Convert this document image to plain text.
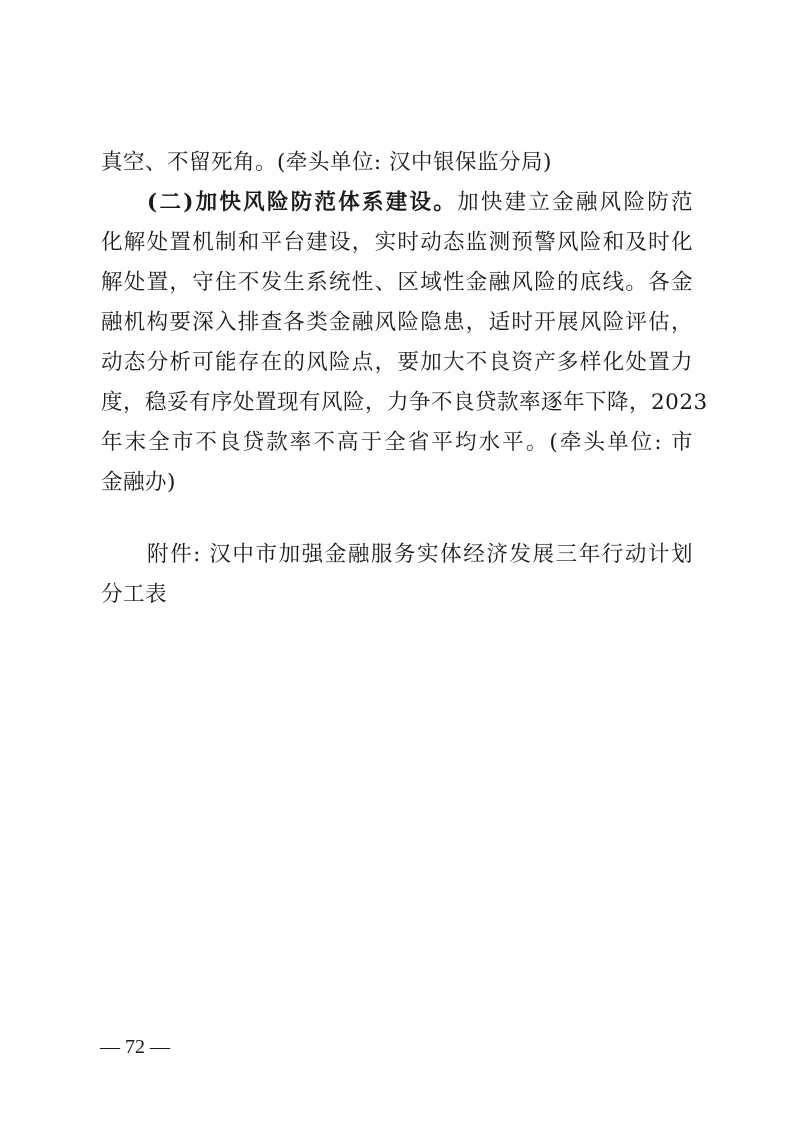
真空、不留死角。(牵头单位: 汉中银保监分局)
(二)加快风险防范体系建设。加快建立金融风险防范
化解处置机制和平台建设，实时动态监测预警风险和及时化
解处置，守住不发生系统性、区域性金融风险的底线。各金
融机构要深入排查各类金融风险隐患，适时开展风险评估，
动态分析可能存在的风险点，要加大不良资产多样化处置力
度，稳妥有序处置现有风险，力争不良贷款率逐年下降，2023
年末全市不良贷款率不高于全省平均水平。(牵头单位: 市
金融办)
附件: 汉中市加强金融服务实体经济发展三年行动计划
分工表
— 72 —
